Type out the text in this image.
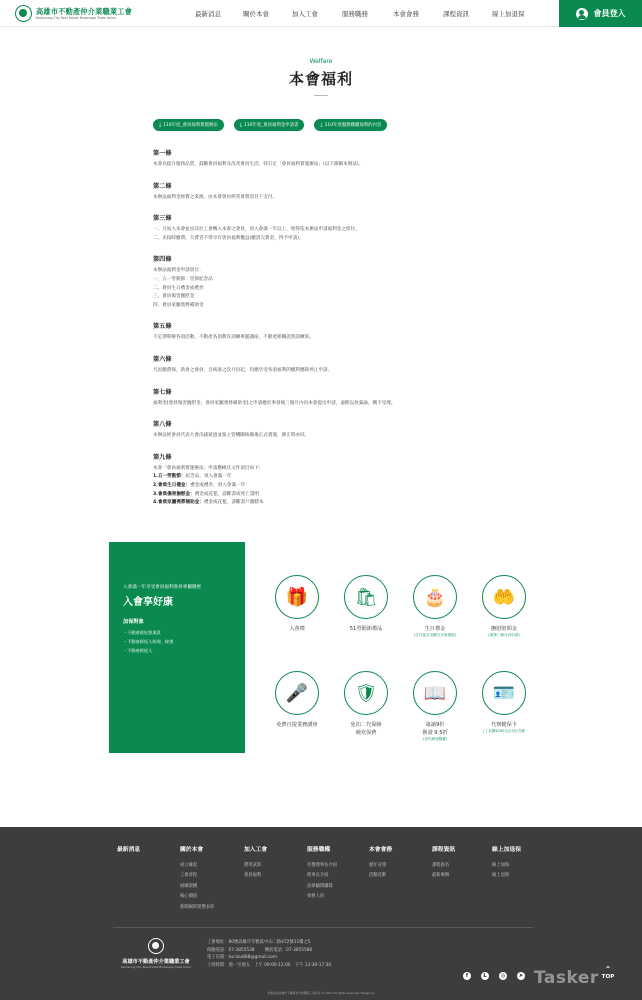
高雄市不動產仲介業職業工會
Kaohsiung City Real Estate Brokerage Trade Union	最新消息	關於本會	加入工會	服務職務	本會會務	課程資訊	線上加退保	會員登入
Welfare
本會福利
⤓ 110年度_會員福利實施辦法	⤓ 110年度_會員福利金申請書	⤓ 110年度服務職權福利的內容
第一條
本會為提升服務品質，鼓勵會員福利及改善會員生活，特訂定「會員福利實施辦法」(以下簡稱本辦法)。
第二條
本辦法福利金經費之來源，由本會會員經常會費項目下支付。
第三條
一、凡加入本會並由其於工會轉入本會之會員，須入會滿一年以上，始得依本辦法申請福利金之給付。
二、未按時繳費、欠費者不得享有會員福利權益(繳清欠費者，得予申請)。
第四條
本辦法福利金申請項目：
一、五一勞動節：里節紀念品
二、會員生日禮金或禮券
三、會員傷害撫慰金
四、會員家屬喪葬補助金
第五條
不定期舉辦各項活動，不動產各項教育訓練專題講座，不動產相關證照訓練班。
第六條
凡因繳費保，新會之會員，自核准之次月份起，均應享受各項福利的權利應缺停止申請。
第七條
福利金[會員傷害撫慰金、會員家屬喪葬補助金]之申請應於事發後三個月內向本會提出申請，逾期以放棄論，概不受理。
第八條
本辦法經會員代表大會決議通過並報主管機關核備後正式實施，修正時亦同。
第九條
本會「會員福利實施辦法」申請應檢具文件項目如下:
1.五一勞動節：紀念品，須入會滿一年
2.會員生日禮金：禮金或禮券，須入會滿一年
3.會員傷害撫慰金：禮金或花籃，診斷書或死亡證明
4.會員家屬喪葬補助金：禮金或花籃，診斷書戶籍謄本
入會滿一年享受會員福利會員專屬優惠
入會享好康
加保對象
・不動產經紀營業員
・不動產經紀人助理、秘書
・不動產經紀人
🎁
入會禮
🛍
51勞動節禮品
🎂
生日禮金
(生日當月至隔月月底領取)
🤲
撫慰賠問金
(事發三個月內申請)
🎤
免費自提業務講座
🛡
免扣二代保險
補充保費
📖
築讀9折
換證 9.5折
(含代辦登錄費)
🪪
代辦健保卡
(工本費$200元自付)/含郵
最新消息	關於本會
成立緣起
工會章程
組織架構
核心價值
新聞稿與榮譽表彰
加入工會
費用試算
會員福利
服務職權
名譽理事長介紹
理事長介紹
法律顧問團隊
會務人員
本會會務
歷年宣導
活動花絮
課程資訊
課程報名
最新專輯
線上加退保
線上加保
線上退保
高雄市不動產仲介業職業工會
Kaohsiung City Real Estate Brokerage Trade Union
工會地址：80號高雄市苓雅區中山二路472號11樓之5
保險電話：07-3855538　　 傳真電話：07-3855586
電子信箱：ksciou888@gmail.com
上班時間：週一至週五　上午 09:00-12:00　下午 13:30-17:30
f	L	◎	➤ Tasker ⌃
TOP
本網站為高雄市不動產仲介業職業工會所有 © 2021 All rights reserved. Design by
